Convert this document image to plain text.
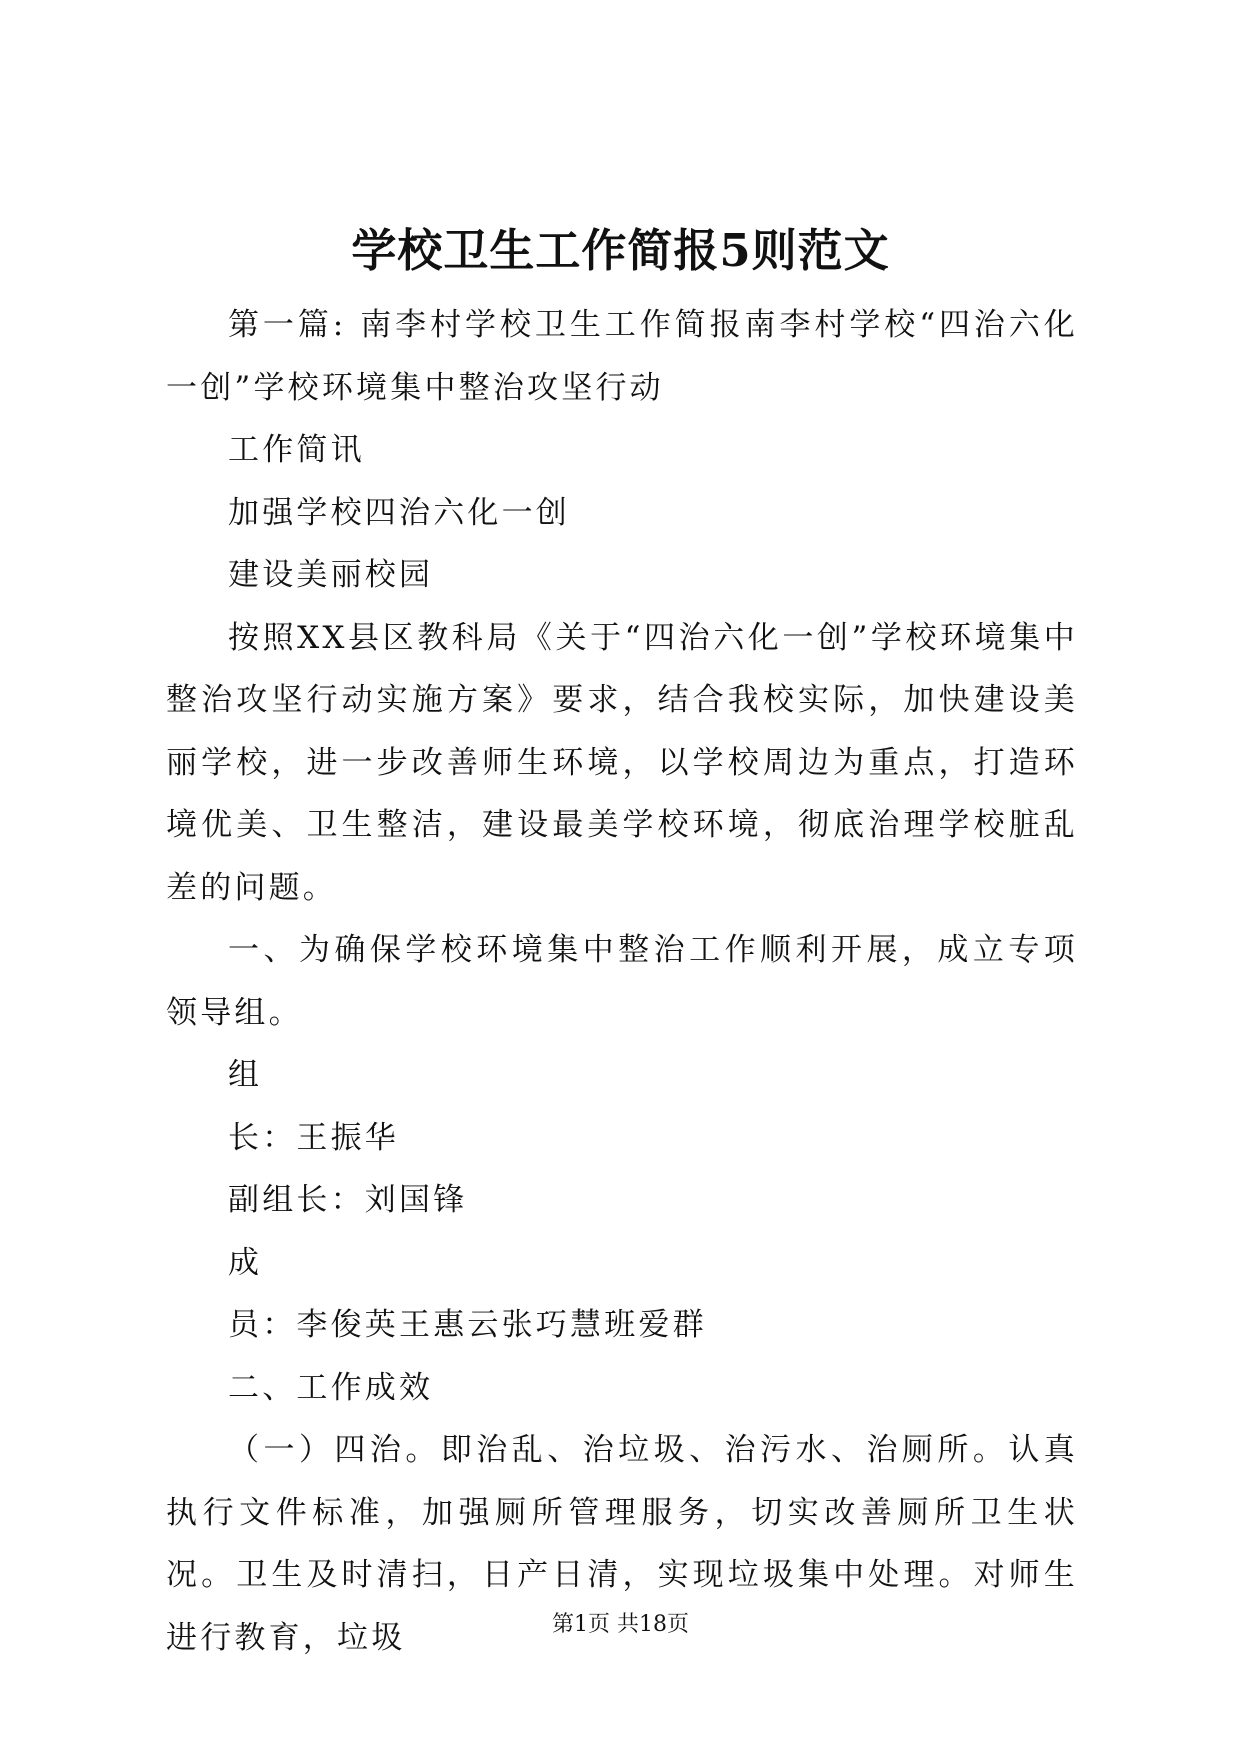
学校卫生工作简报5则范文

第一篇: 南李村学校卫生工作简报南李村学校“四治六化一创”学校环境集中整治攻坚行动

工作简讯

加强学校四治六化一创

建设美丽校园

按照XX县区教科局《关于“四治六化一创”学校环境集中整治攻坚行动实施方案》要求，结合我校实际，加快建设美丽学校，进一步改善师生环境，以学校周边为重点，打造环境优美、卫生整洁，建设最美学校环境，彻底治理学校脏乱差的问题。

一、为确保学校环境集中整治工作顺利开展，成立专项领导组。

组

长：王振华

副组长：刘国锋

成

员：李俊英王惠云张巧慧班爱群

二、工作成效

（一）四治。即治乱、治垃圾、治污水、治厕所。认真执行文件标准，加强厕所管理服务，切实改善厕所卫生状况。卫生及时清扫，日产日清，实现垃圾集中处理。对师生进行教育，垃圾	第1页 共18页
